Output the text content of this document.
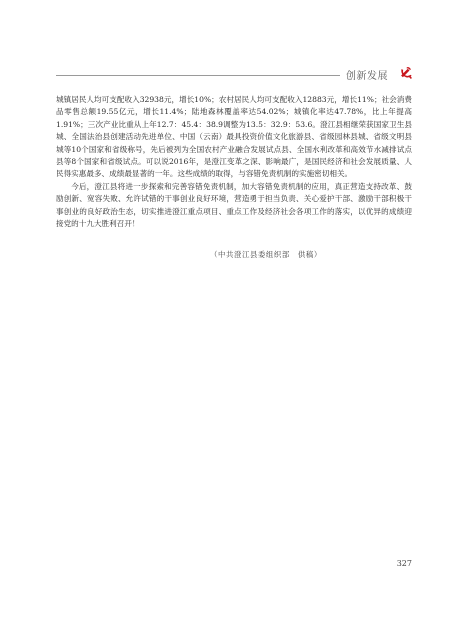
创新发展

城镇居民人均可支配收入32938元，增长10%；农村居民人均可支配收入12883元，增长11%；社会消费品零售总额19.55亿元，增长11.4%；陆地森林覆盖率达54.02%；城镇化率达47.78%，比上年提高1.91%；三次产业比重从上年12.7：45.4：38.9调整为13.5：32.9：53.6。澄江县相继荣获国家卫生县城、全国法治县创建活动先进单位、中国（云南）最具投资价值文化旅游县、省级园林县城、省级文明县城等10个国家和省级称号，先后被列为全国农村产业融合发展试点县、全国水利改革和高效节水减排试点县等8个国家和省级试点。可以说2016年，是澄江变革之深、影响最广，是国民经济和社会发展质量、人民得实惠最多、成绩最显著的一年。这些成绩的取得，与容错免责机制的实施密切相关。

今后，澄江县将进一步探索和完善容错免责机制，加大容错免责机制的应用，真正营造支持改革、鼓励创新、宽容失败、允许试错的干事创业良好环境，营造勇于担当负责、关心爱护干部、激励干部积极干事创业的良好政治生态，切实推进澄江重点项目、重点工作及经济社会各项工作的落实，以优异的成绩迎接党的十九大胜利召开！

（中共澄江县委组织部　供稿）
327
